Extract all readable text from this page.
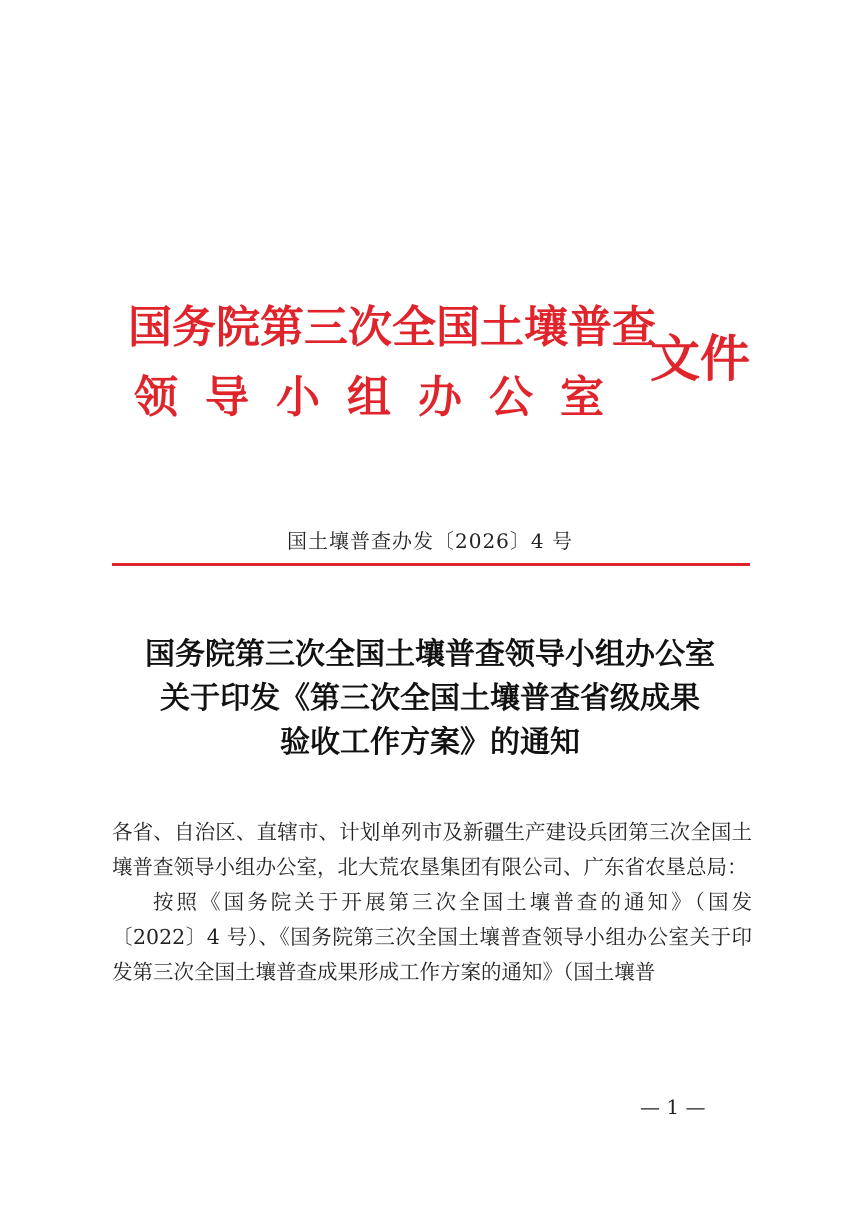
国务院第三次全国土壤普查
领 导 小 组 办 公 室
文件
国土壤普查办发〔2026〕4 号
国务院第三次全国土壤普查领导小组办公室
关于印发《第三次全国土壤普查省级成果
验收工作方案》的通知

各省、自治区、直辖市、计划单列市及新疆生产建设兵团第三次全国土壤普查领导小组办公室，北大荒农垦集团有限公司、广东省农垦总局：

按照《国务院关于开展第三次全国土壤普查的通知》（国发〔2022〕4 号）、《国务院第三次全国土壤普查领导小组办公室关于印发第三次全国土壤普查成果形成工作方案的通知》（国土壤普

— 1 —
